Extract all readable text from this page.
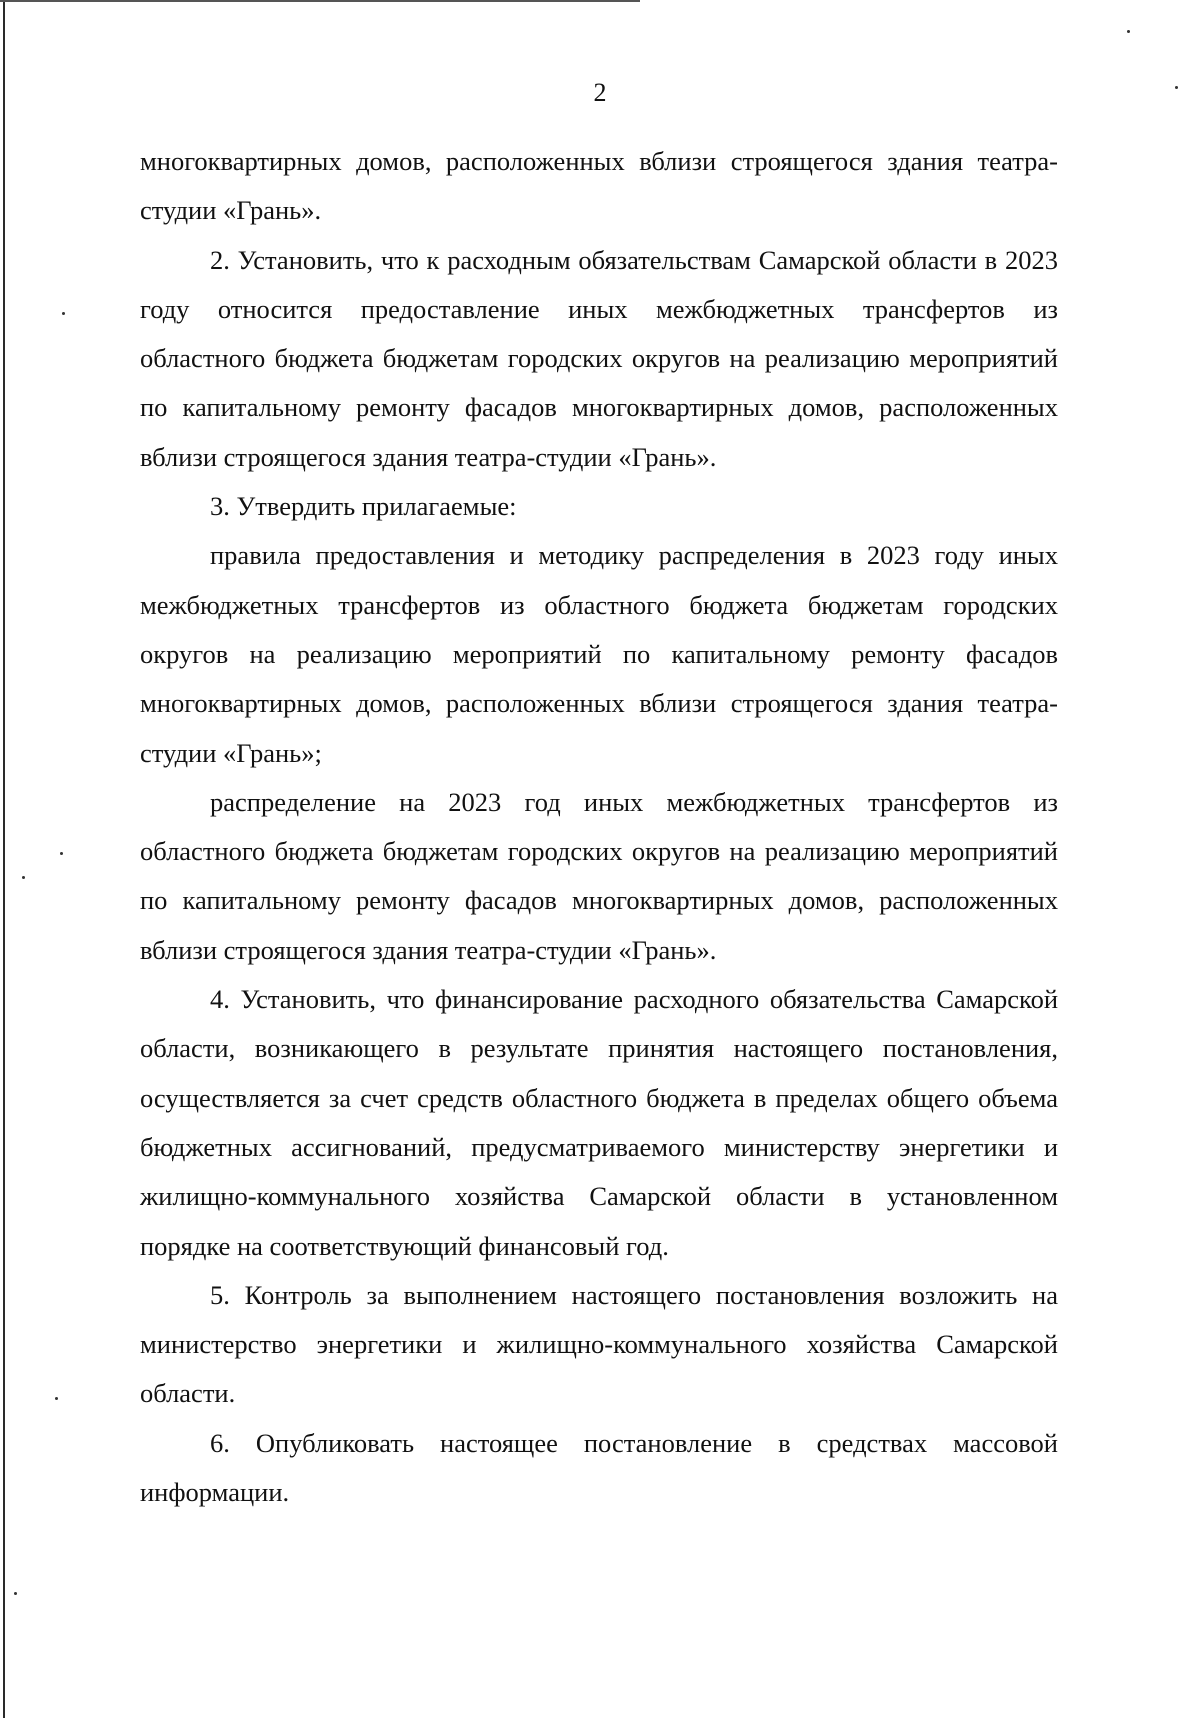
2

многоквартирных домов, расположенных вблизи строящегося здания театра-студии «Грань».

2. Установить, что к расходным обязательствам Самарской области в 2023 году относится предоставление иных межбюджетных трансфертов из областного бюджета бюджетам городских округов на реализацию мероприятий по капитальному ремонту фасадов многоквартирных домов, расположенных вблизи строящегося здания театра-студии «Грань».

3. Утвердить прилагаемые:

правила предоставления и методику распределения в 2023 году иных межбюджетных трансфертов из областного бюджета бюджетам городских округов на реализацию мероприятий по капитальному ремонту фасадов многоквартирных домов, расположенных вблизи строящегося здания театра-студии «Грань»;

распределение на 2023 год иных межбюджетных трансфертов из областного бюджета бюджетам городских округов на реализацию мероприятий по капитальному ремонту фасадов многоквартирных домов, расположенных вблизи строящегося здания театра-студии «Грань».

4. Установить, что финансирование расходного обязательства Самарской области, возникающего в результате принятия настоящего постановления, осуществляется за счет средств областного бюджета в пределах общего объема бюджетных ассигнований, предусматриваемого министерству энергетики и жилищно-коммунального хозяйства Самарской области в установленном порядке на соответствующий финансовый год.

5. Контроль за выполнением настоящего постановления возложить на министерство энергетики и жилищно-коммунального хозяйства Самарской области.

6. Опубликовать настоящее постановление в средствах массовой информации.
